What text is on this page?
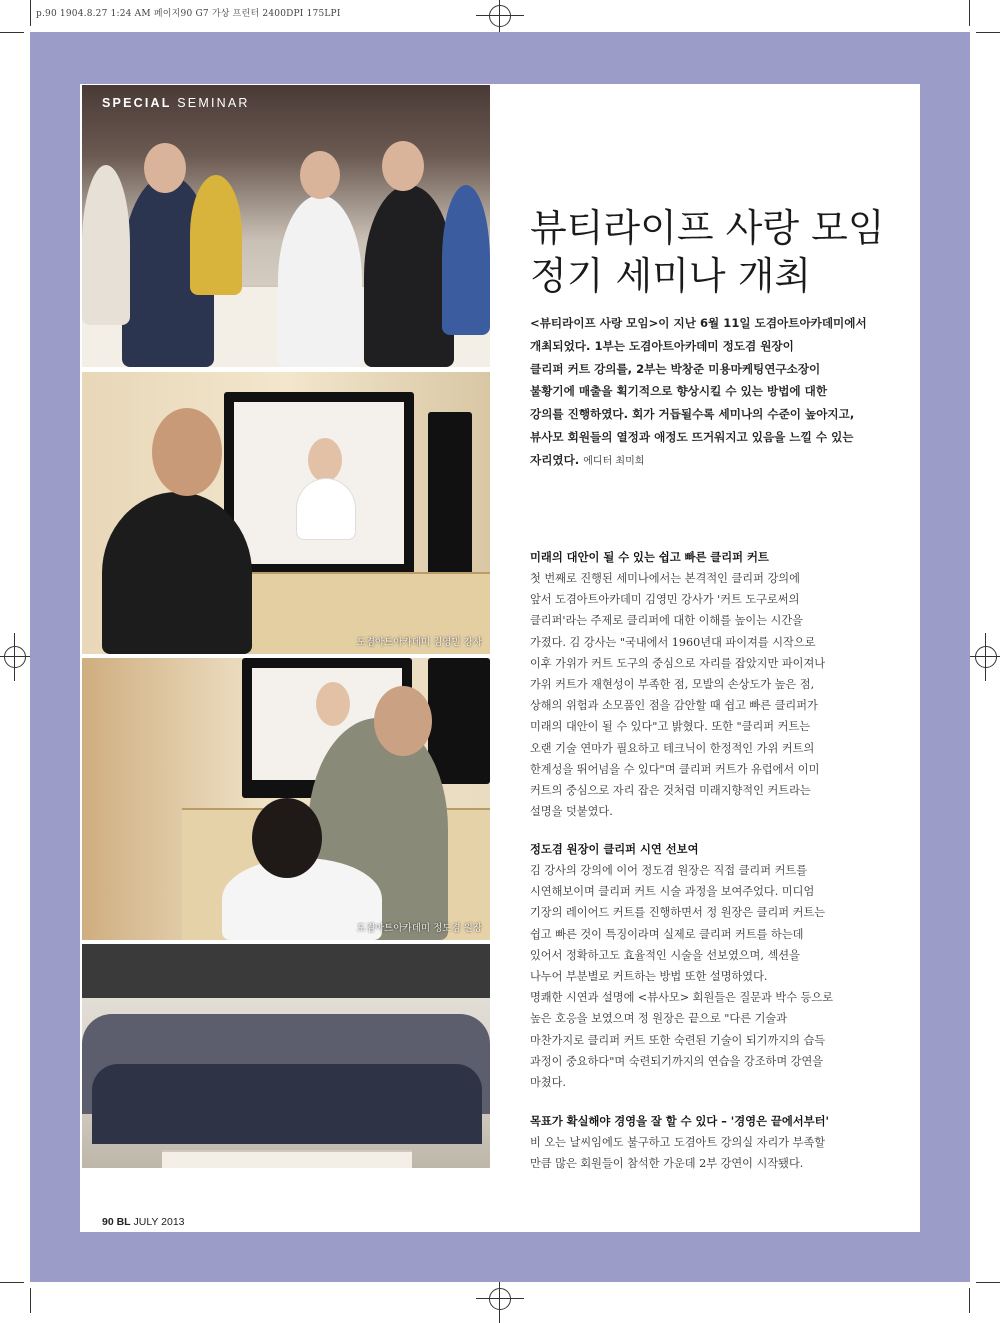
p.90 1904.8.27 1:24 AM 페이지90 G7 가상 프린터 2400DPI 175LPI
도겸아트아카데미 김영민 강사
도겸아트아카데미 정도겸 원장
SPECIAL SEMINAR
뷰티라이프 사랑 모임
정기 세미나 개최
<뷰티라이프 사랑 모임>이 지난 6월 11일 도겸아트아카데미에서
개최되었다. 1부는 도겸아트아카데미 정도겸 원장이
클리퍼 커트 강의를, 2부는 박창준 미용마케팅연구소장이
불황기에 매출을 획기적으로 향상시킬 수 있는 방법에 대한
강의를 진행하였다. 회가 거듭될수록 세미나의 수준이 높아지고,
뷰사모 회원들의 열정과 애정도 뜨거워지고 있음을 느낄 수 있는
자리였다. 에디터 최미희
미래의 대안이 될 수 있는 쉽고 빠른 클리퍼 커트
첫 번째로 진행된 세미나에서는 본격적인 클리퍼 강의에
앞서 도겸아트아카데미 김영민 강사가 '커트 도구로써의
클리퍼'라는 주제로 클리퍼에 대한 이해를 높이는 시간을
가졌다. 김 강사는 "국내에서 1960년대 파이져를 시작으로
이후 가위가 커트 도구의 중심으로 자리를 잡았지만 파이져나
가위 커트가 재현성이 부족한 점, 모발의 손상도가 높은 점,
상해의 위험과 소모품인 점을 감안할 때 쉽고 빠른 클리퍼가
미래의 대안이 될 수 있다"고 밝혔다. 또한 "클리퍼 커트는
오랜 기술 연마가 필요하고 테크닉이 한정적인 가위 커트의
한계성을 뛰어넘을 수 있다"며 클리퍼 커트가 유럽에서 이미
커트의 중심으로 자리 잡은 것처럼 미래지향적인 커트라는
설명을 덧붙였다.
정도겸 원장이 클리퍼 시연 선보여
김 강사의 강의에 이어 정도겸 원장은 직접 클리퍼 커트를
시연해보이며 클리퍼 커트 시술 과정을 보여주었다. 미디엄
기장의 레이어드 커트를 진행하면서 정 원장은 클리퍼 커트는
쉽고 빠른 것이 특징이라며 실제로 클리퍼 커트를 하는데
있어서 정확하고도 효율적인 시술을 선보였으며, 섹션을
나누어 부분별로 커트하는 방법 또한 설명하였다.
명쾌한 시연과 설명에 <뷰사모> 회원들은 질문과 박수 등으로
높은 호응을 보였으며 정 원장은 끝으로 "다른 기술과
마찬가지로 클리퍼 커트 또한 숙련된 기술이 되기까지의 습득
과정이 중요하다"며 숙련되기까지의 연습을 강조하며 강연을
마쳤다.
목표가 확실해야 경영을 잘 할 수 있다 – '경영은 끝에서부터'
비 오는 날씨임에도 불구하고 도겸아트 강의실 자리가 부족할
만큼 많은 회원들이 참석한 가운데 2부 강연이 시작됐다.
90 BL JULY 2013
